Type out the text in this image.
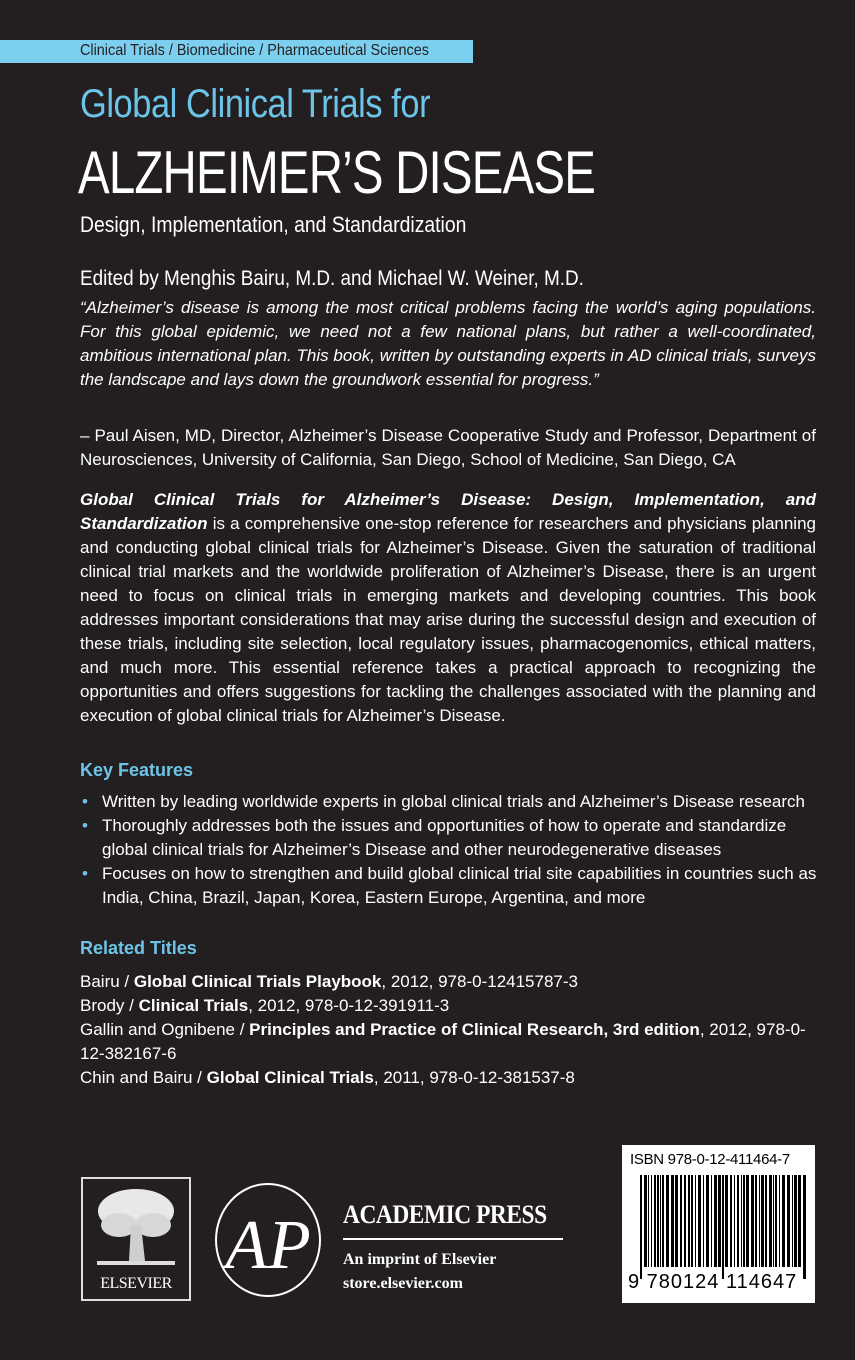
Clinical Trials / Biomedicine / Pharmaceutical Sciences
Global Clinical Trials for
ALZHEIMER’S DISEASE
Design, Implementation, and Standardization
Edited by Menghis Bairu, M.D. and Michael W. Weiner, M.D.
“Alzheimer’s disease is among the most critical problems facing the world’s aging populations. For this global epidemic, we need not a few national plans, but rather a well-coordinated, ambitious international plan. This book, written by outstanding experts in AD clinical trials, surveys the landscape and lays down the groundwork essential for progress.”
– Paul Aisen, MD, Director, Alzheimer’s Disease Cooperative Study and Professor, Department of Neurosciences, University of California, San Diego, School of Medicine, San Diego, CA
Global Clinical Trials for Alzheimer’s Disease: Design, Implementation, and Standardization is a comprehensive one-stop reference for researchers and physicians planning and conducting global clinical trials for Alzheimer’s Disease. Given the saturation of traditional clinical trial markets and the worldwide proliferation of Alzheimer’s Disease, there is an urgent need to focus on clinical trials in emerging markets and developing countries. This book addresses important considerations that may arise during the successful design and execution of these trials, including site selection, local regulatory issues, pharmacogenomics, ethical matters, and much more. This essential reference takes a practical approach to recognizing the opportunities and offers suggestions for tackling the challenges associated with the planning and execution of global clinical trials for Alzheimer’s Disease.
Key Features
• Written by leading worldwide experts in global clinical trials and Alzheimer’s Disease research
• Thoroughly addresses both the issues and opportunities of how to operate and standardize global clinical trials for Alzheimer’s Disease and other neurodegenerative diseases
• Focuses on how to strengthen and build global clinical trial site capabilities in countries such as India, China, Brazil, Japan, Korea, Eastern Europe, Argentina, and more
Related Titles
Bairu / Global Clinical Trials Playbook, 2012, 978-0-12415787-3
Brody / Clinical Trials, 2012, 978-0-12-391911-3
Gallin and Ognibene / Principles and Practice of Clinical Research, 3rd edition, 2012, 978-0-12-382167-6
Chin and Bairu / Global Clinical Trials, 2011, 978-0-12-381537-8
ELSEVIER AP ACADEMIC PRESS
An imprint of Elsevier
store.elsevier.com
ISBN 978-0-12-411464-7
9 780124 114647
